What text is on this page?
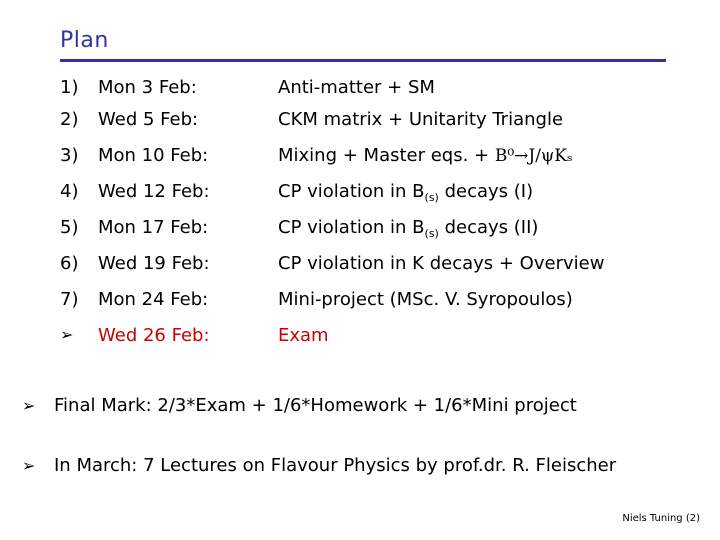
Plan
1) Mon 3 Feb:	Anti-matter + SM
2) Wed 5 Feb:	CKM matrix + Unitarity Triangle
3) Mon 10 Feb:	Mixing + Master eqs. + B⁰→J/ψKₛ
4) Wed 12 Feb:	CP violation in $B_{(s)}$ decays (I)
5) Mon 17 Feb:	CP violation in $B_{(s)}$ decays (II)
6) Wed 19 Feb:	CP violation in K decays + Overview
7) Mon 24 Feb:	Mini-project (MSc. V. Syropoulos)
➢ Wed 26 Feb:	Exam
➢ Final Mark: 2/3*Exam + 1/6*Homework + 1/6*Mini project
➢ In March: 7 Lectures on Flavour Physics by prof.dr. R. Fleischer
Niels Tuning (2)
